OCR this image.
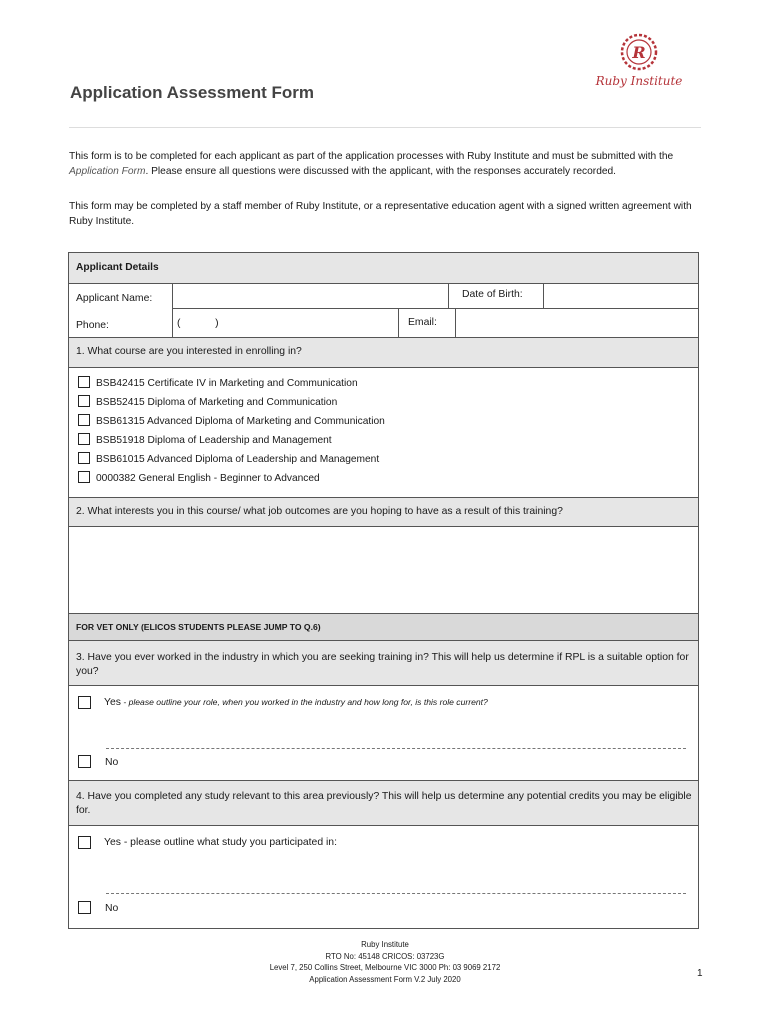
Application Assessment Form
R
Ruby Institute
This form is to be completed for each applicant as part of the application processes with Ruby Institute and must be submitted with the Application Form. Please ensure all questions were discussed with the applicant, with the responses accurately recorded.
This form may be completed by a staff member of Ruby Institute, or a representative education agent with a signed written agreement with Ruby Institute.
Applicant Details
Applicant Name:	Date of Birth:
Phone:	(            )	Email:
1. What course are you interested in enrolling in?
BSB42415 Certificate IV in Marketing and Communication
BSB52415 Diploma of Marketing and Communication
BSB61315 Advanced Diploma of Marketing and Communication
BSB51918 Diploma of Leadership and Management
BSB61015 Advanced Diploma of Leadership and Management
0000382 General English - Beginner to Advanced
2. What interests you in this course/ what job outcomes are you hoping to have as a result of this training?
FOR VET ONLY (ELICOS STUDENTS PLEASE JUMP TO Q.6)
3. Have you ever worked in the industry in which you are seeking training in? This will help us determine if RPL is a suitable option for you?
Yes - please outline your role, when you worked in the industry and how long for, is this role current?
No
4. Have you completed any study relevant to this area previously? This will help us determine any potential credits you may be eligible for.
Yes - please outline what study you participated in:
No
Ruby Institute
RTO No: 45148 CRICOS: 03723G
Level 7, 250 Collins Street, Melbourne VIC 3000 Ph: 03 9069 2172
Application Assessment Form V.2 July 2020	1
